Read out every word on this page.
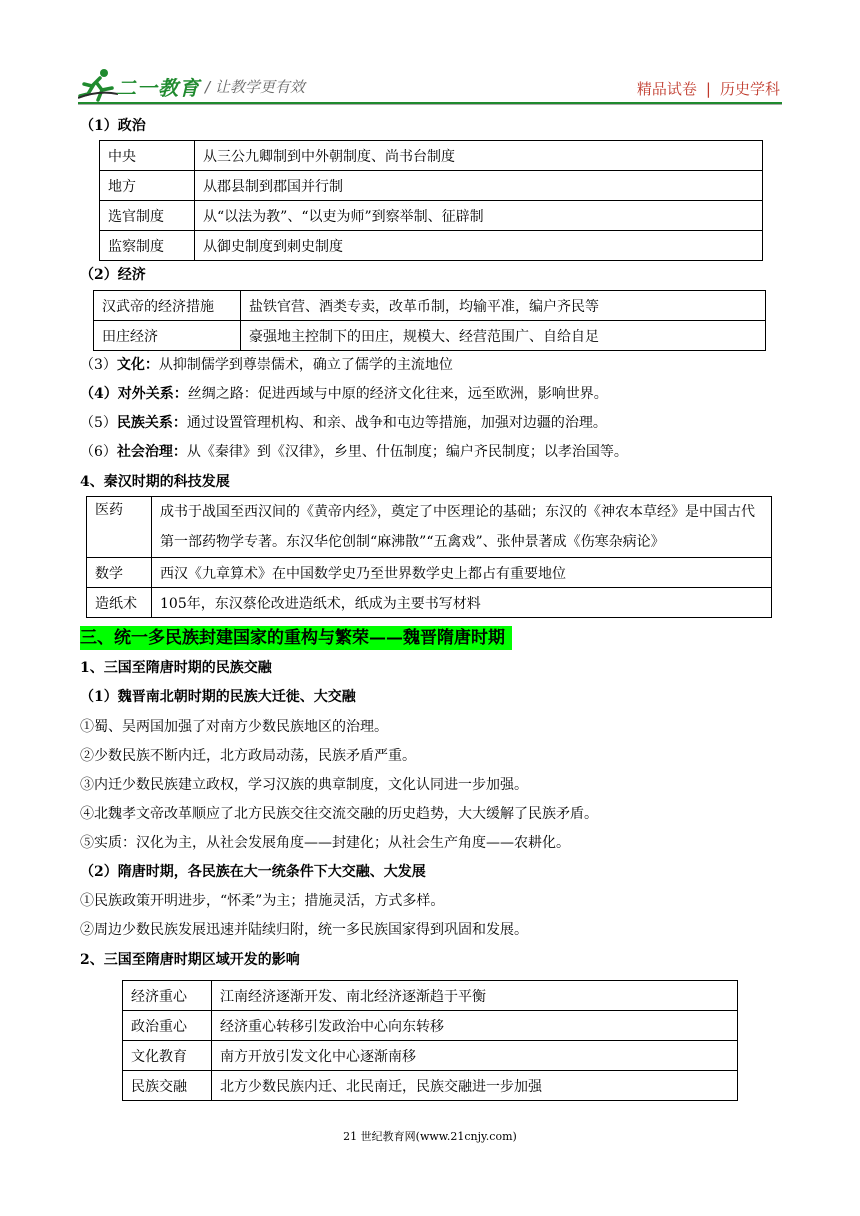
二一教育 / 让教学更有效	精品试卷 | 历史学科
（1）政治
中央	从三公九卿制到中外朝制度、尚书台制度
地方	从郡县制到郡国并行制
选官制度	从“以法为教”、“以吏为师”到察举制、征辟制
监察制度	从御史制度到刺史制度
（2）经济
汉武帝的经济措施	盐铁官营、酒类专卖，改革币制，均输平准，编户齐民等
田庄经济	豪强地主控制下的田庄，规模大、经营范围广、自给自足
（3）文化：从抑制儒学到尊崇儒术，确立了儒学的主流地位
（4）对外关系：丝绸之路：促进西域与中原的经济文化往来，远至欧洲，影响世界。
（5）民族关系：通过设置管理机构、和亲、战争和屯边等措施，加强对边疆的治理。
（6）社会治理：从《秦律》到《汉律》，乡里、什伍制度；编户齐民制度；以孝治国等。
4、秦汉时期的科技发展
医药	成书于战国至西汉间的《黄帝内经》，奠定了中医理论的基础；东汉的《神农本草经》是中国古代第一部药物学专著。东汉华佗创制“麻沸散”“五禽戏”、张仲景著成《伤寒杂病论》
数学	西汉《九章算术》在中国数学史乃至世界数学史上都占有重要地位
造纸术	105年，东汉蔡伦改进造纸术，纸成为主要书写材料
三、统一多民族封建国家的重构与繁荣——魏晋隋唐时期
1、三国至隋唐时期的民族交融
（1）魏晋南北朝时期的民族大迁徙、大交融
①蜀、吴两国加强了对南方少数民族地区的治理。
②少数民族不断内迁，北方政局动荡，民族矛盾严重。
③内迁少数民族建立政权，学习汉族的典章制度，文化认同进一步加强。
④北魏孝文帝改革顺应了北方民族交往交流交融的历史趋势，大大缓解了民族矛盾。
⑤实质：汉化为主，从社会发展角度——封建化；从社会生产角度——农耕化。
（2）隋唐时期，各民族在大一统条件下大交融、大发展
①民族政策开明进步，“怀柔”为主；措施灵活，方式多样。
②周边少数民族发展迅速并陆续归附，统一多民族国家得到巩固和发展。
2、三国至隋唐时期区域开发的影响
经济重心	江南经济逐渐开发、南北经济逐渐趋于平衡
政治重心	经济重心转移引发政治中心向东转移
文化教育	南方开放引发文化中心逐渐南移
民族交融	北方少数民族内迁、北民南迁，民族交融进一步加强
21 世纪教育网(www.21cnjy.com)
